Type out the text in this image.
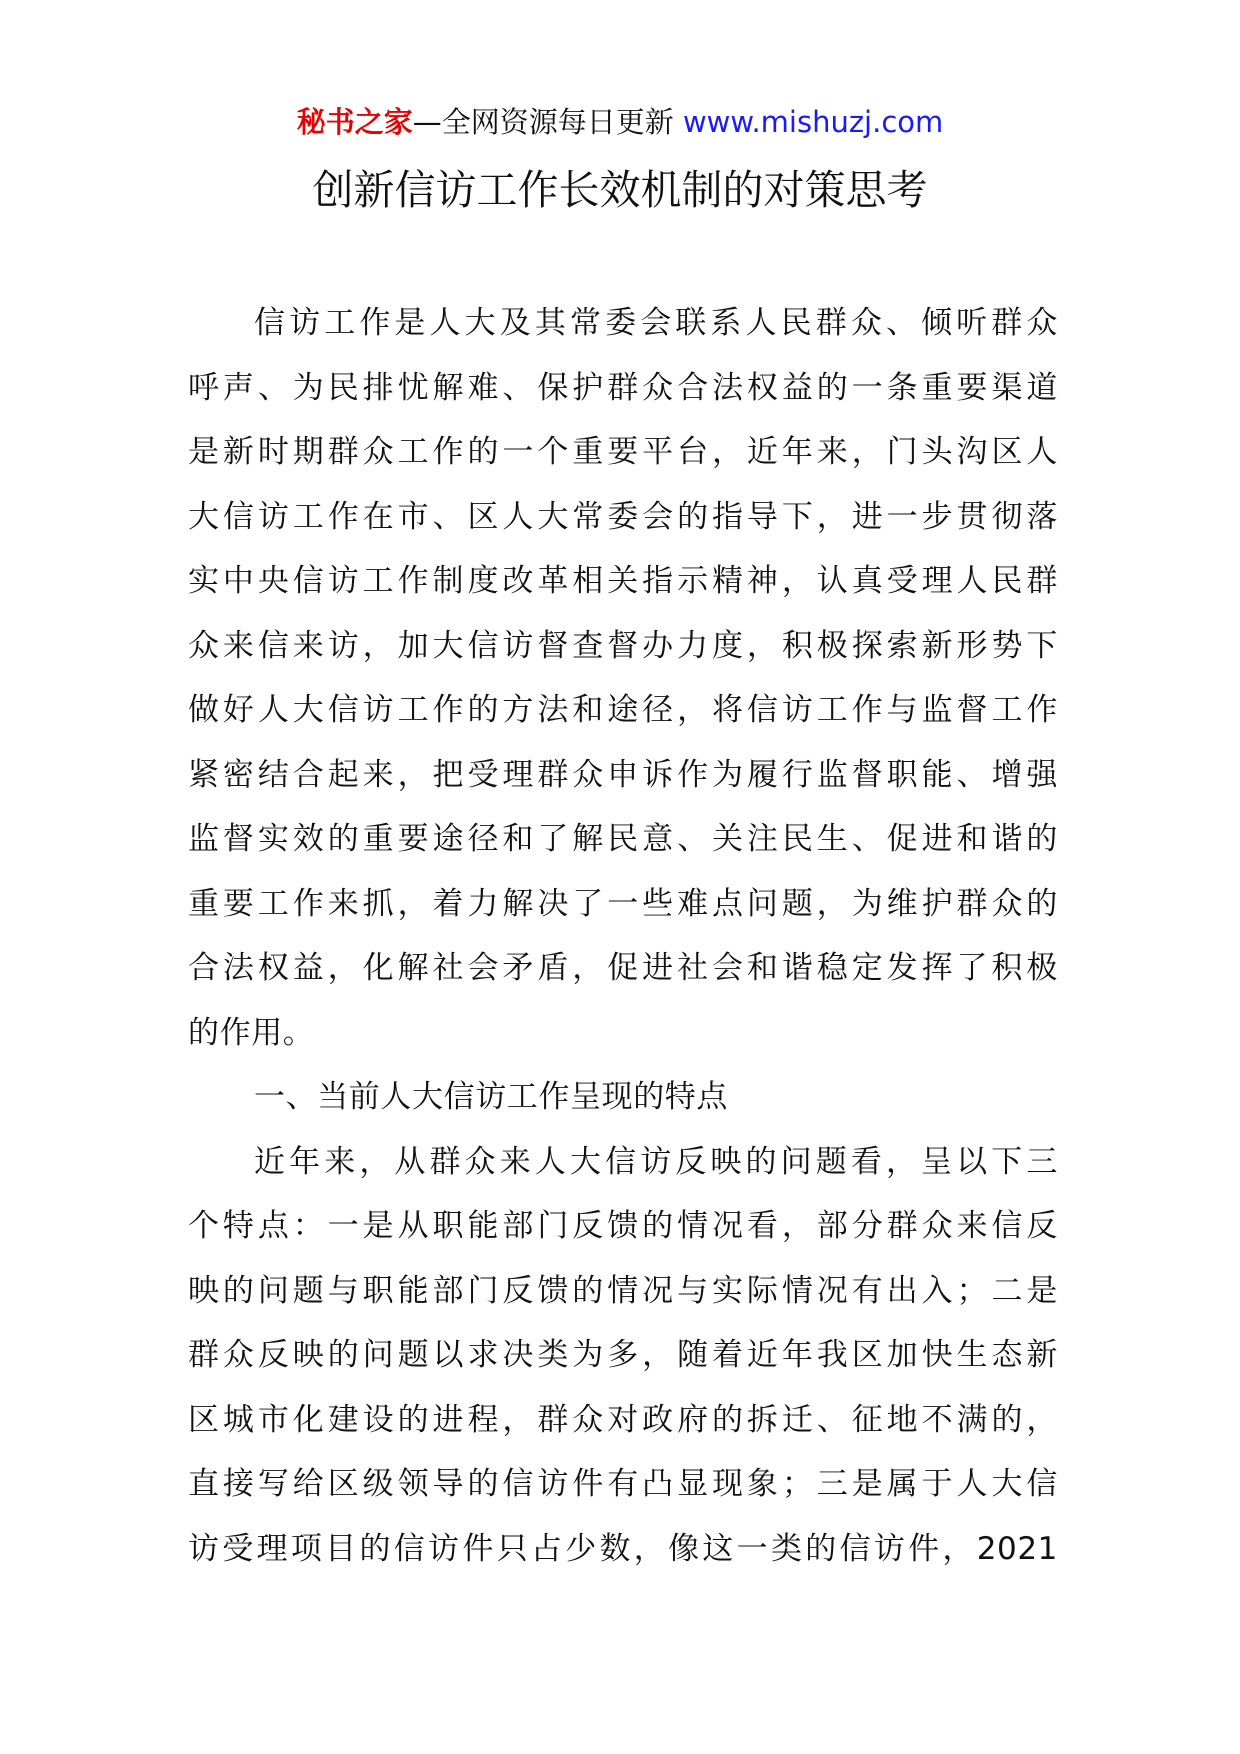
秘书之家—全网资源每日更新 www.mishuzj.com
创新信访工作长效机制的对策思考
信访工作是人大及其常委会联系人民群众、倾听群众
呼声、为民排忧解难、保护群众合法权益的一条重要渠道
是新时期群众工作的一个重要平台，近年来，门头沟区人
大信访工作在市、区人大常委会的指导下，进一步贯彻落
实中央信访工作制度改革相关指示精神，认真受理人民群
众来信来访，加大信访督查督办力度，积极探索新形势下
做好人大信访工作的方法和途径，将信访工作与监督工作
紧密结合起来，把受理群众申诉作为履行监督职能、增强
监督实效的重要途径和了解民意、关注民生、促进和谐的
重要工作来抓，着力解决了一些难点问题，为维护群众的
合法权益，化解社会矛盾，促进社会和谐稳定发挥了积极
的作用。
一、当前人大信访工作呈现的特点
近年来，从群众来人大信访反映的问题看，呈以下三
个特点：一是从职能部门反馈的情况看，部分群众来信反
映的问题与职能部门反馈的情况与实际情况有出入；二是
群众反映的问题以求决类为多，随着近年我区加快生态新
区城市化建设的进程，群众对政府的拆迁、征地不满的，
直接写给区级领导的信访件有凸显现象；三是属于人大信
访受理项目的信访件只占少数，像这一类的信访件，2021
